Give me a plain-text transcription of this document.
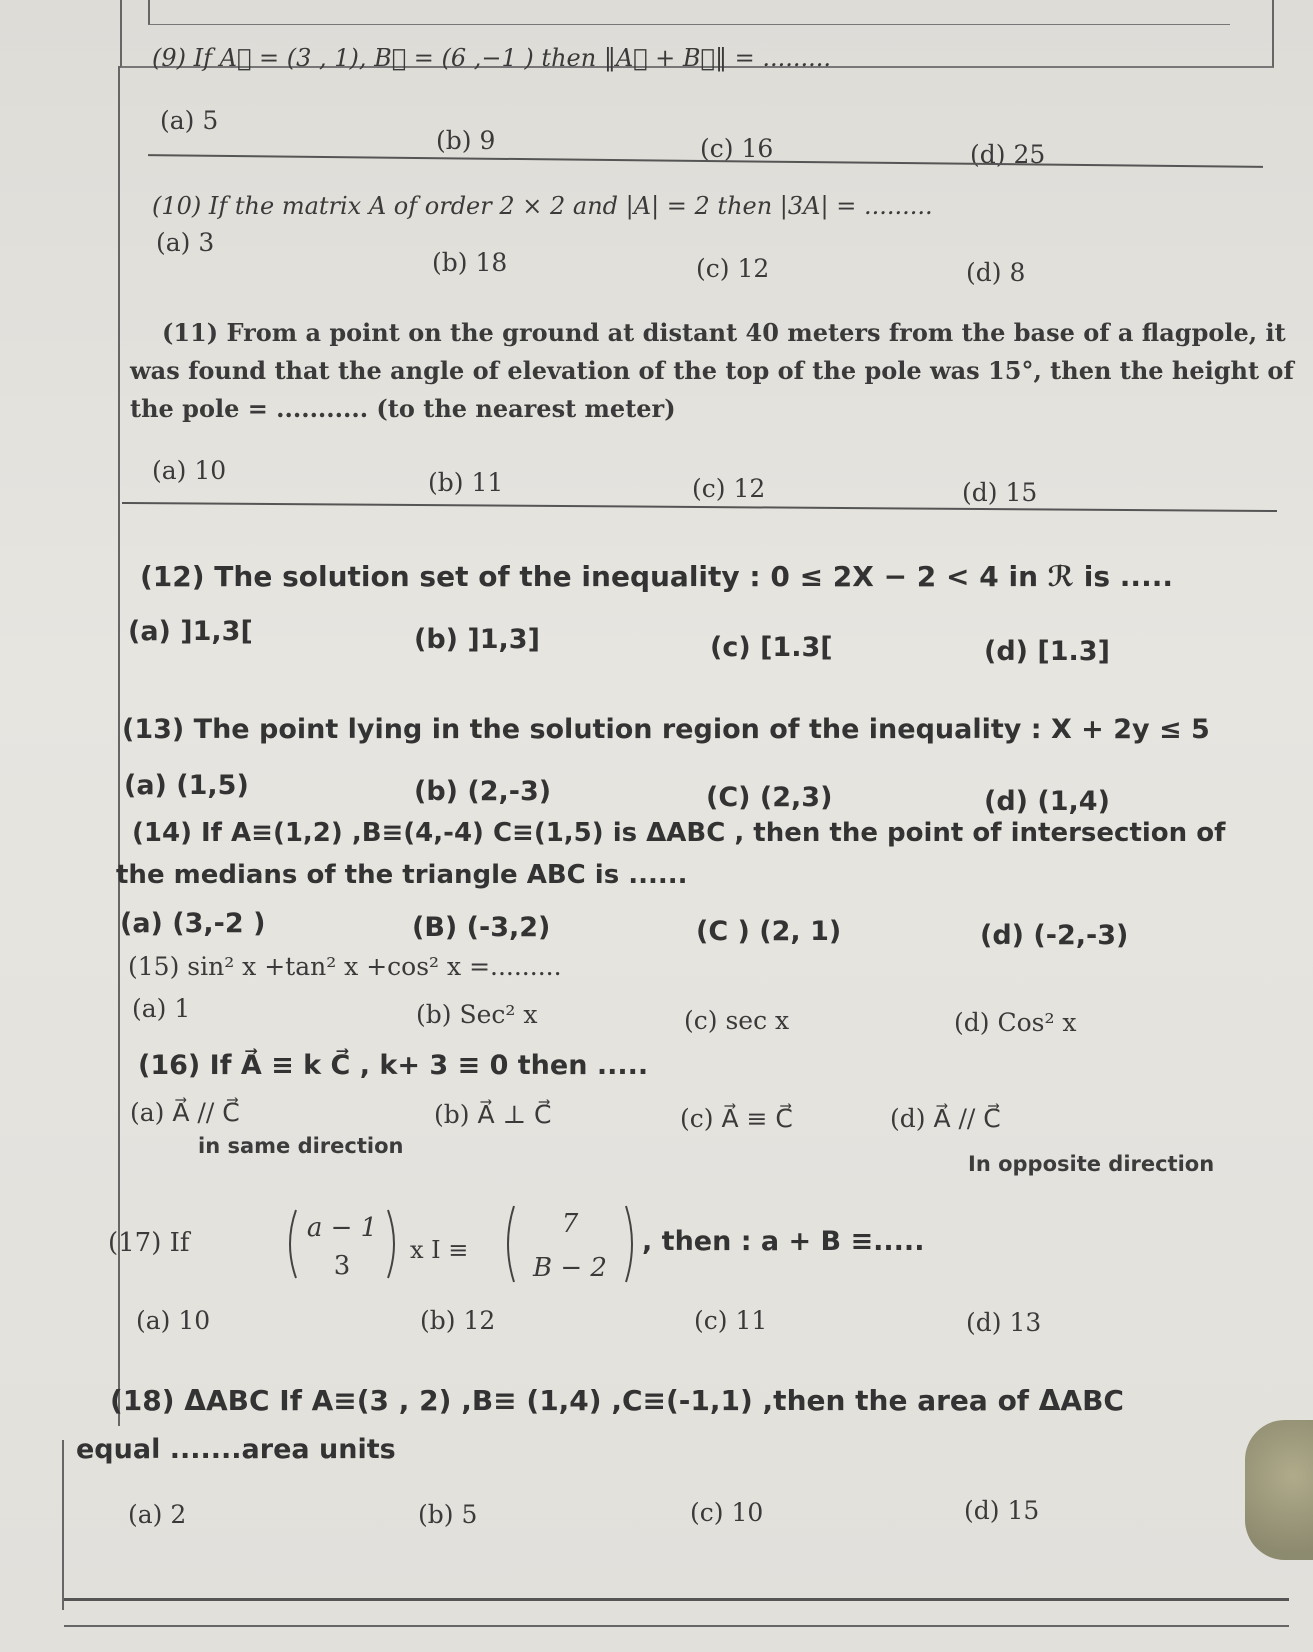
(9) If A⃗ = (3 , 1), B⃗ = (6 ,−1 ) then ‖A⃗ + B⃗‖ = .........
(a) 5
(b) 9	(c) 16	(d) 25
(10) If the matrix A of order 2 × 2 and |A| = 2 then |3A| = .........
(a) 3
(b) 18	(c) 12	(d) 8
(11) From a point on the ground at distant 40 meters from the base of a flagpole, it
was found that the angle of elevation of the top of the pole was 15°, then the height of
the pole = ........... (to the nearest meter)
(a) 10	(b) 11	(c) 12	(d) 15
(12) The solution set of the inequality : 0 ≤ 2X − 2 < 4 in ℛ is .....
(a) ]1,3[	(b) ]1,3]	(c) [1.3[	(d) [1.3]
(13) The point lying in the solution region of the inequality : X + 2y ≤ 5
(a) (1,5)	(b) (2,-3)	(C) (2,3)	(d) (1,4)
(14) If A≡(1,2) ,B≡(4,-4) C≡(1,5) is ΔABC , then the point of intersection of
the medians of the triangle ABC is ......
(a) (3,-2 )	(B) (-3,2)	(C ) (2, 1)	(d) (-2,-3)
(15) sin² x +tan² x +cos² x =.........
(a) 1	(b) Sec² x	(c) sec x	(d) Cos² x
(16) If A⃗ ≡ k C⃗ , k+ 3 ≡ 0 then .....
(a) A⃗ // C⃗
in same direction
(b) A⃗ ⊥ C⃗	(c) A⃗ ≡ C⃗	(d) A⃗ // C⃗
In opposite direction
(17) If	a − 1
3
x I ≡
7
B − 2
, then : a + B ≡.....
(a) 10	(b) 12	(c) 11	(d) 13
(18) ΔABC If A≡(3 , 2) ,B≡ (1,4) ,C≡(-1,1) ,then the area of ΔABC
equal .......area units
(a) 2	(b) 5	(c) 10	(d) 15
